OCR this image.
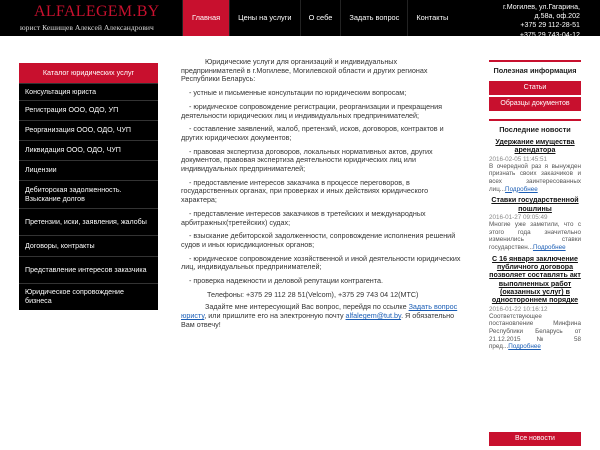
ALFALEGEM.BY
юрист Кешищев Алексей Александрович
Главная	Цены на услуги	О себе	Задать вопрос	Контакты
г.Могилев, ул.Гагарина,
д.58а, оф.202
+375 29 112-28-51
+375 29 743-04-12
Каталог юридических услуг
Консультация юриста
Регистрация ООО, ОДО, УП
Реорганизация ООО, ОДО, ЧУП
Ликвидация ООО, ОДО, ЧУП
Лицензии
Дебиторская задолженность. Взыскание долгов
Претензии, иски, заявления, жалобы
Договоры, контракты
Представление интересов заказчика
Юридическое сопровождение бизнеса

Юридические услуги для организаций и индивидуальных предпринимателей в г.Могилеве, Могилевской области и других регионах Республики Беларусь:

- устные и письменные консультации по юридическим вопросам;

- юридическое сопровождение регистрации, реорганизации и прекращения деятельности юридических лиц и индивидуальных предпринимателей;

- составление заявлений, жалоб, претензий, исков, договоров, контрактов и других юридических документов;

- правовая экспертиза договоров, локальных нормативных актов, других документов, правовая экспертиза деятельности юридических лиц или индивидуальных предпринимателей;

- предоставление интересов заказчика в процессе переговоров, в государственных органах, при проверках и иных действиях юридического характера;

- представление интересов заказчиков в третейских и международных арбитражных(третейских) судах;

- взыскание дебиторской задолженности, сопровождение исполнения решений судов и иных юрисдикционных органов;

- юридическое сопровождение хозяйственной и иной деятельности юридических лиц, индивидуальных предпринимателей;

- проверка надежности и деловой репутации контрагента.

Телефоны: +375 29 112 28 51(Velcom), +375 29 743 04 12(МТС)

Задайте мне интересующий Вас вопрос, перейдя по ссылке Задать вопрос юристу, или пришлите его на электронную почту alfalegem@tut.by. Я обязательно Вам отвечу!

Полезная информация
Статьи
Образцы документов
Последние новости
Удержание имущества арендатора
2016-02-05 11:45:51
В очередной раз я вынужден признать своих заказчиков и всех заинтересованных лиц...Подробнее
Ставки государственной пошлины
2016-01-27 09:05:49
Многие уже заметили, что с этого года значительно изменились ставки государствен...Подробнее
С 16 января заключение публичного договора позволяет составлять акт выполненных работ (оказанных услуг) в одностороннем порядке
2016-01-22 10:16:12
Соответствующее постановление Минфина Республики Беларусь от 21.12.2015 № 58 пред...Подробнее
Все новости
